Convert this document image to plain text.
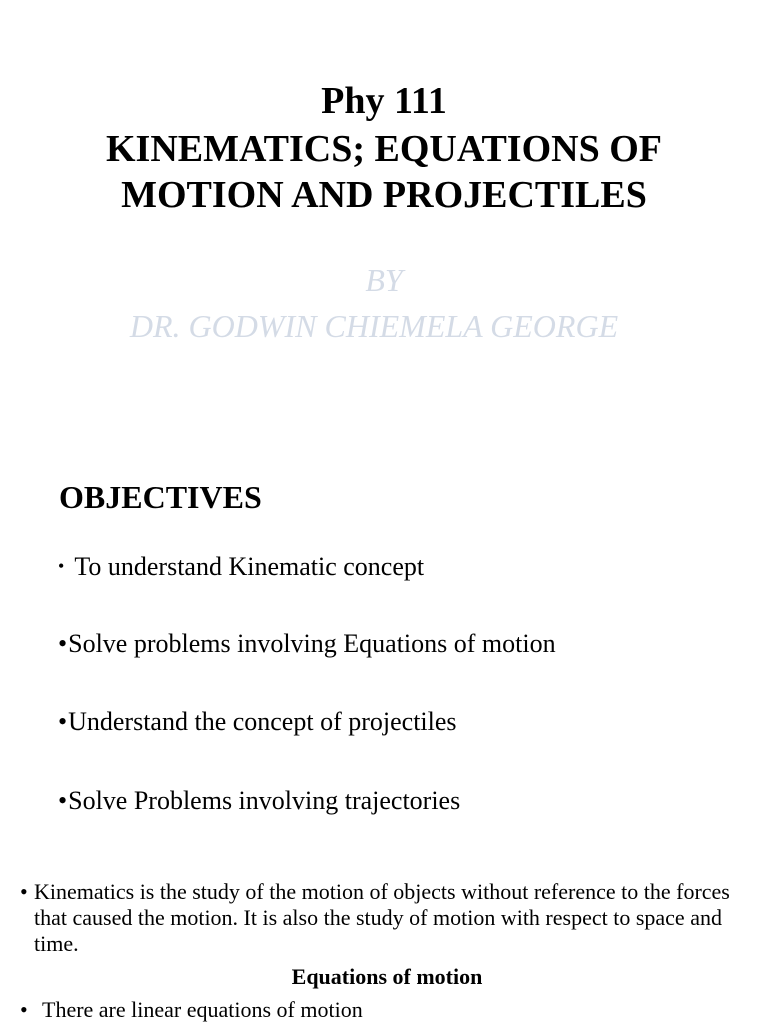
Phy 111
KINEMATICS; EQUATIONS OF
MOTION AND PROJECTILES
BY
DR. GODWIN CHIEMELA GEORGE
OBJECTIVES
• To understand Kinematic concept
•Solve problems involving Equations of motion
•Understand the concept of projectiles
•Solve Problems involving trajectories
• Kinematics is the study of the motion of objects without reference to the forces that caused the motion. It is also the study of motion with respect to space and time.
Equations of motion
• There are linear equations of motion
